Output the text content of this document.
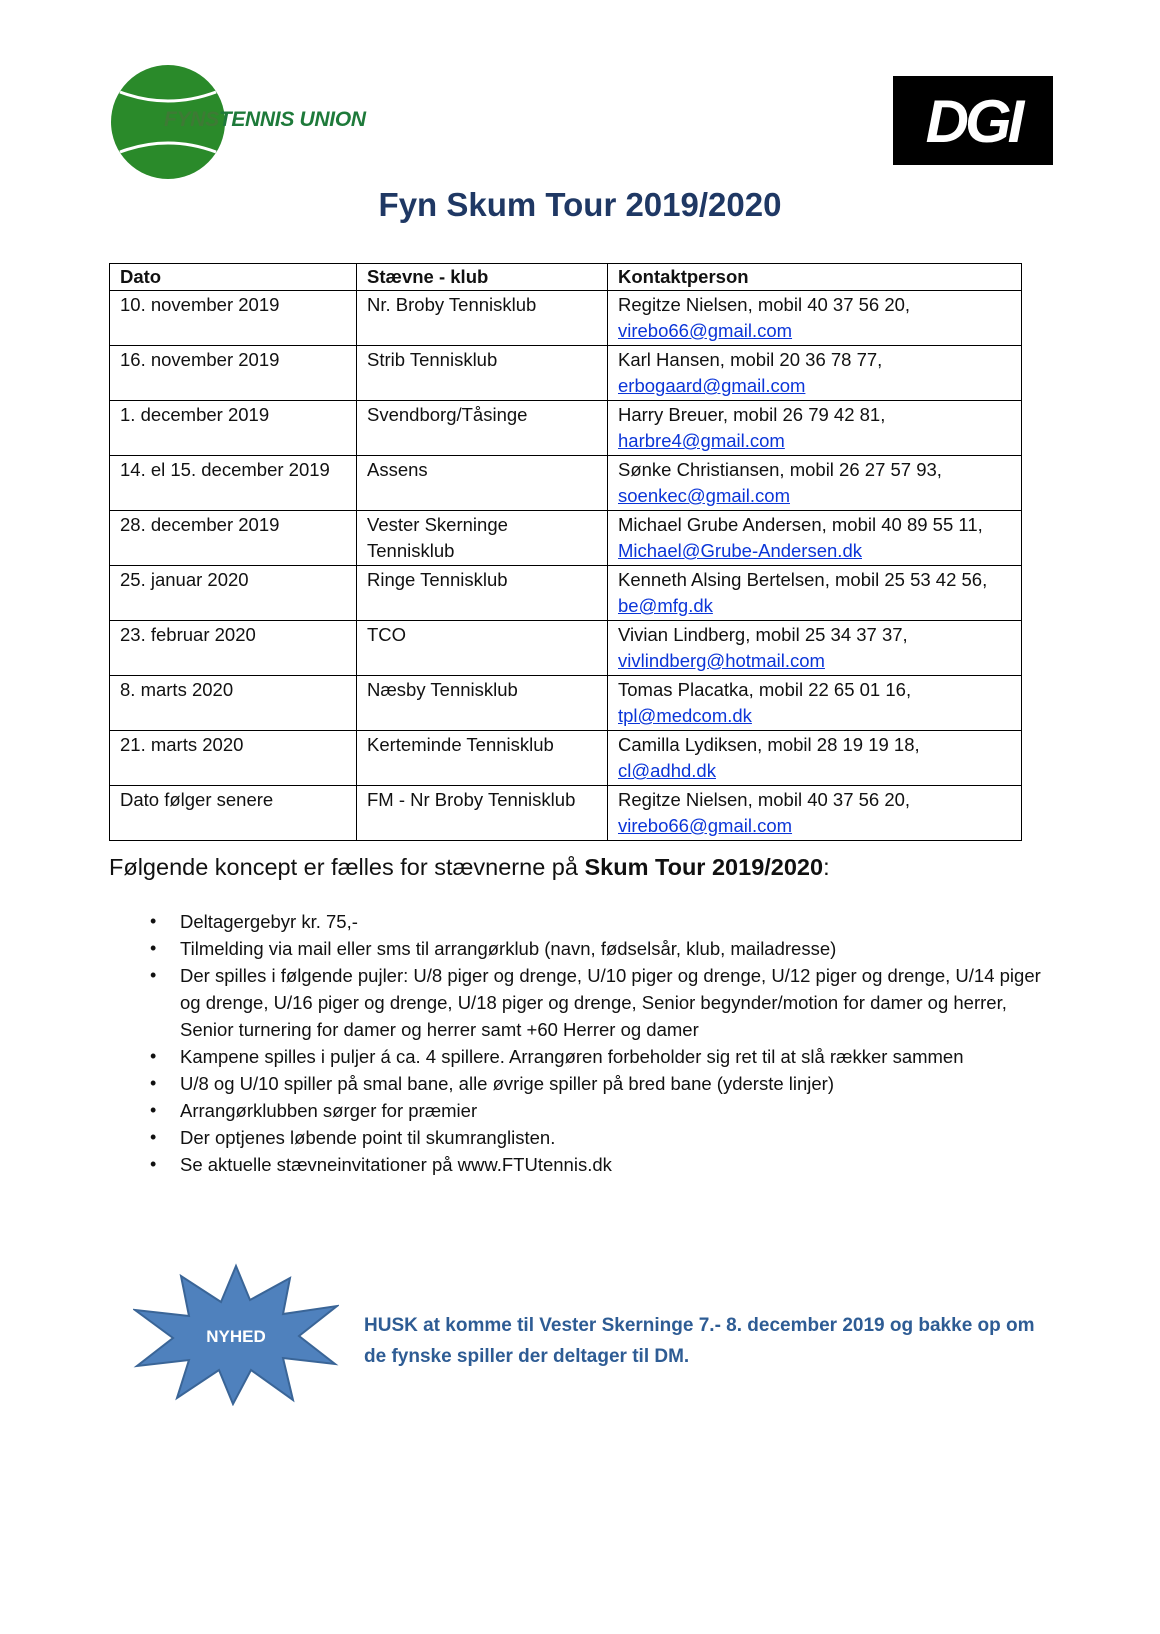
FYNSTENNIS UNION	DGI
Fyn Skum Tour 2019/2020
Dato	Stævne - klub	Kontaktperson
10. november 2019	Nr. Broby Tennisklub	Regitze Nielsen, mobil 40 37 56 20,
virebo66@gmail.com

16. november 2019	Strib Tennisklub	Karl Hansen, mobil 20 36 78 77,
erbogaard@gmail.com

1. december 2019	Svendborg/Tåsinge	Harry Breuer, mobil 26 79 42 81,
harbre4@gmail.com

14. el 15. december 2019	Assens	Sønke Christiansen, mobil 26 27 57 93,
soenkec@gmail.com

28. december 2019	Vester Skerninge Tennisklub	Michael Grube Andersen, mobil 40 89 55 11,
Michael@Grube-Andersen.dk

25. januar 2020	Ringe Tennisklub	Kenneth Alsing Bertelsen, mobil 25 53 42 56,
be@mfg.dk

23. februar 2020	TCO	Vivian Lindberg, mobil 25 34 37 37,
vivlindberg@hotmail.com

8. marts 2020	Næsby Tennisklub	Tomas Placatka, mobil 22 65 01 16,
tpl@medcom.dk

21. marts 2020	Kerteminde Tennisklub	Camilla Lydiksen, mobil 28 19 19 18,
cl@adhd.dk

Dato følger senere	FM - Nr Broby Tennisklub	Regitze Nielsen, mobil 40 37 56 20,
virebo66@gmail.com
Følgende koncept er fælles for stævnerne på Skum Tour 2019/2020:
• Deltagergebyr kr. 75,-
• Tilmelding via mail eller sms til arrangørklub (navn, fødselsår, klub, mailadresse)
• Der spilles i følgende pujler: U/8 piger og drenge, U/10 piger og drenge, U/12 piger og drenge, U/14 piger og drenge, U/16 piger og drenge, U/18 piger og drenge, Senior begynder/motion for damer og herrer, Senior turnering for damer og herrer samt +60 Herrer og damer
• Kampene spilles i puljer á ca. 4 spillere. Arrangøren forbeholder sig ret til at slå rækker sammen
• U/8 og U/10 spiller på smal bane, alle øvrige spiller på bred bane (yderste linjer)
• Arrangørklubben sørger for præmier
• Der optjenes løbende point til skumranglisten.
• Se aktuelle stævneinvitationer på www.FTUtennis.dk
NYHED
HUSK at komme til Vester Skerninge 7.- 8. december 2019 og bakke op om de fynske spiller der deltager til DM.
